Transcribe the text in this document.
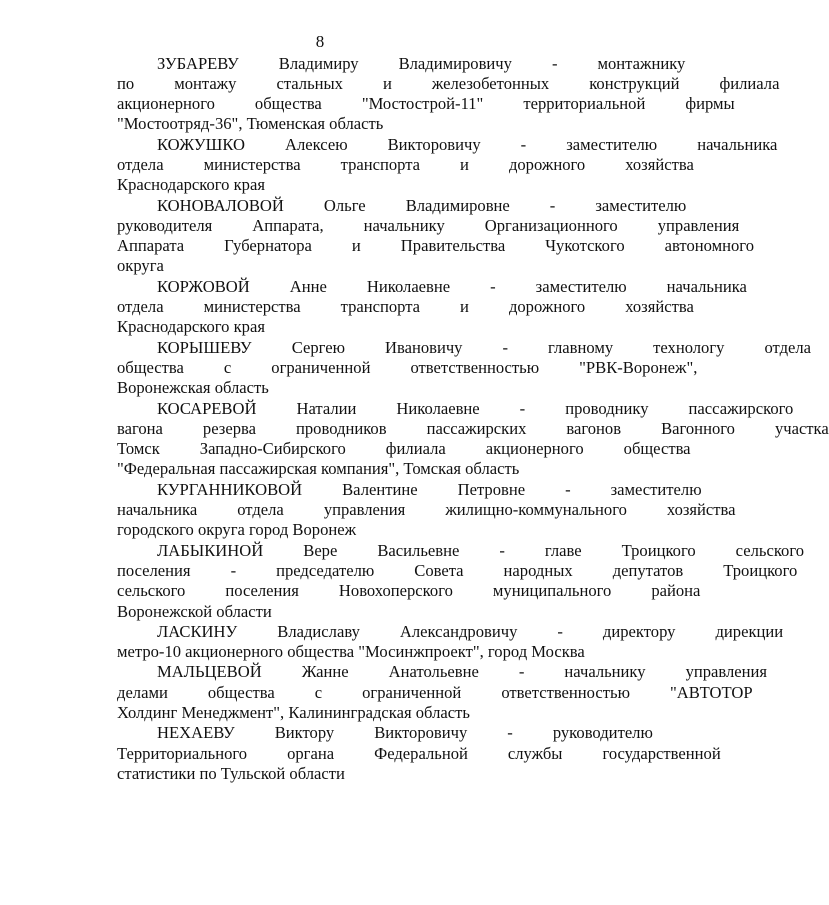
8
ЗУБАРЕВУ	Владимиру	Владимировичу	-	монтажнику
по	монтажу	стальных	и	железобетонных	конструкций	филиала
акционерного	общества	"Мостострой-11"	территориальной	фирмы
"Мостоотряд-36", Тюменская область
КОЖУШКО	Алексею	Викторовичу	-	заместителю	начальника
отдела	министерства	транспорта	и	дорожного	хозяйства
Краснодарского края
КОНОВАЛОВОЙ	Ольге	Владимировне	-	заместителю
руководителя	Аппарата,	начальнику	Организационного	управления
Аппарата	Губернатора	и	Правительства	Чукотского	автономного
округа
КОРЖОВОЙ	Анне	Николаевне	-	заместителю	начальника
отдела	министерства	транспорта	и	дорожного	хозяйства
Краснодарского края
КОРЫШЕВУ	Сергею	Ивановичу	-	главному	технологу	отдела
общества	с	ограниченной	ответственностью	"РВК-Воронеж",
Воронежская область
КОСАРЕВОЙ	Наталии	Николаевне	-	проводнику	пассажирского
вагона	резерва	проводников	пассажирских	вагонов	Вагонного	участка
Томск	Западно-Сибирского	филиала	акционерного	общества
"Федеральная пассажирская компания", Томская область
КУРГАННИКОВОЙ	Валентине	Петровне	-	заместителю
начальника	отдела	управления	жилищно-коммунального	хозяйства
городского округа город Воронеж
ЛАБЫКИНОЙ	Вере	Васильевне	-	главе	Троицкого	сельского
поселения	-	председателю	Совета	народных	депутатов	Троицкого
сельского	поселения	Новохоперского	муниципального	района
Воронежской области
ЛАСКИНУ	Владиславу	Александровичу	-	директору	дирекции
метро-10 акционерного общества "Мосинжпроект", город Москва
МАЛЬЦЕВОЙ	Жанне	Анатольевне	-	начальнику	управления
делами	общества	с	ограниченной	ответственностью	"АВТОТОР
Холдинг Менеджмент", Калининградская область
НЕХАЕВУ	Виктору	Викторовичу	-	руководителю
Территориального	органа	Федеральной	службы	государственной
статистики по Тульской области
